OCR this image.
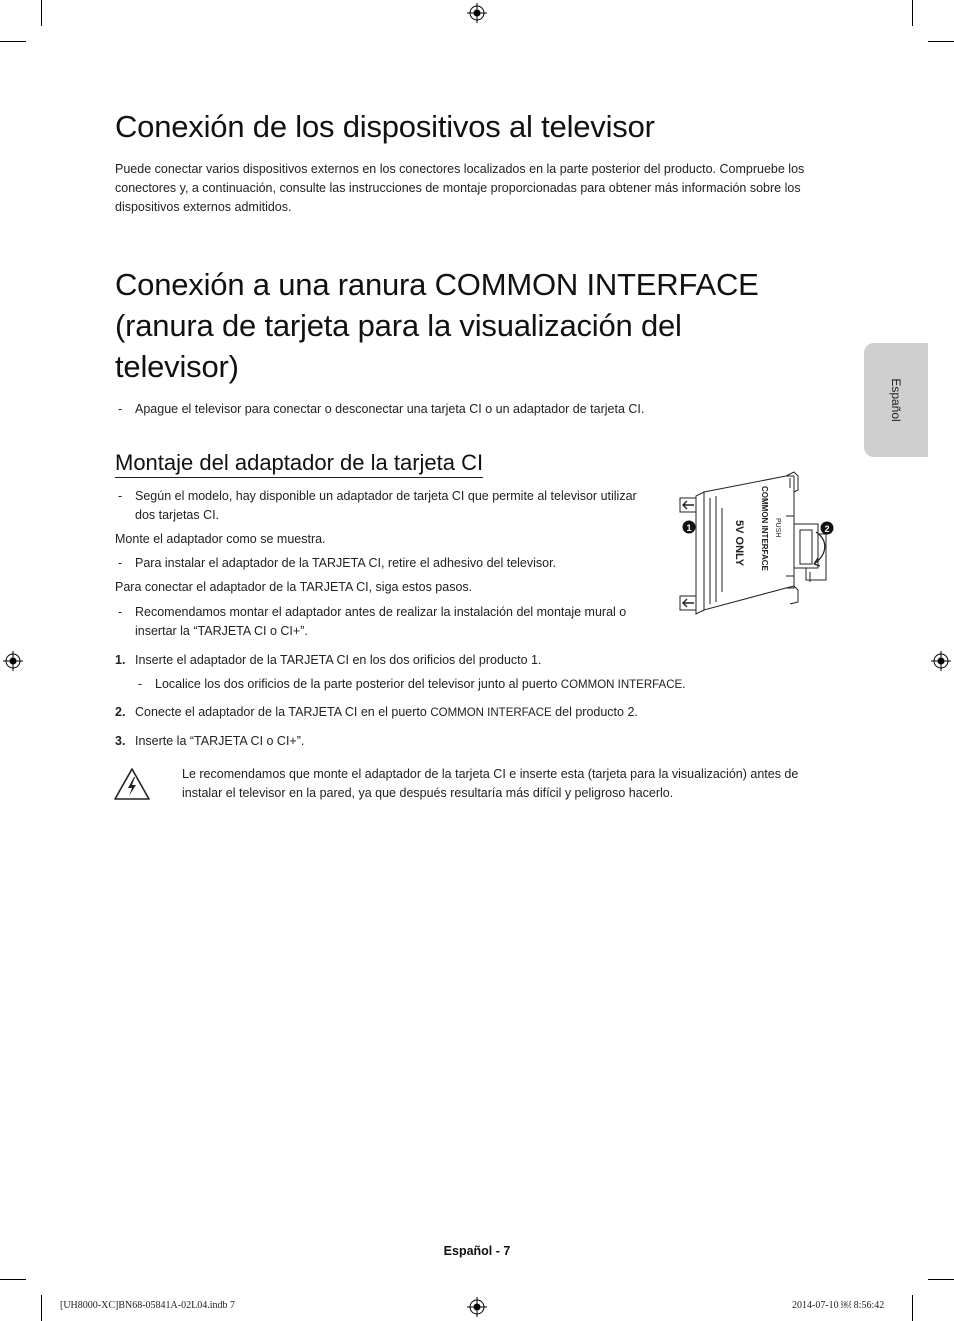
Español
Conexión de los dispositivos al televisor

Puede conectar varios dispositivos externos en los conectores localizados en la parte posterior del producto. Compruebe los conectores y, a continuación, consulte las instrucciones de montaje proporcionadas para obtener más información sobre los dispositivos externos admitidos.

Conexión a una ranura COMMON INTERFACE
(ranura de tarjeta para la visualización del
televisor)
- Apague el televisor para conectar o desconectar una tarjeta CI o un adaptador de tarjeta CI.
Montaje del adaptador de la tarjeta CI
- Según el modelo, hay disponible un adaptador de tarjeta CI que permite al televisor utilizar dos tarjetas CI.

Monte el adaptador como se muestra.

- Para instalar el adaptador de la TARJETA CI, retire el adhesivo del televisor.

Para conectar el adaptador de la TARJETA CI, siga estos pasos.

- Recomendamos montar el adaptador antes de realizar la instalación del montaje mural o insertar la “TARJETA CI o CI+”.
1. Inserte el adaptador de la TARJETA CI en los dos orificios del producto 1.
- Localice los dos orificios de la parte posterior del televisor junto al puerto COMMON INTERFACE.
2. Conecte el adaptador de la TARJETA CI en el puerto COMMON INTERFACE del producto 2.
3. Inserte la “TARJETA CI o CI+”.

Le recomendamos que monte el adaptador de la tarjeta CI e inserte esta (tarjeta para la visualización) antes de instalar el televisor en la pared, ya que después resultaría más difícil y peligroso hacerlo.

PUSH
COMMON INTERFACE
5V ONLY
1	2
Español - 7
[UH8000-XC]BN68-05841A-02L04.indb 7	2014-07-10 ￼ 8:56:42
